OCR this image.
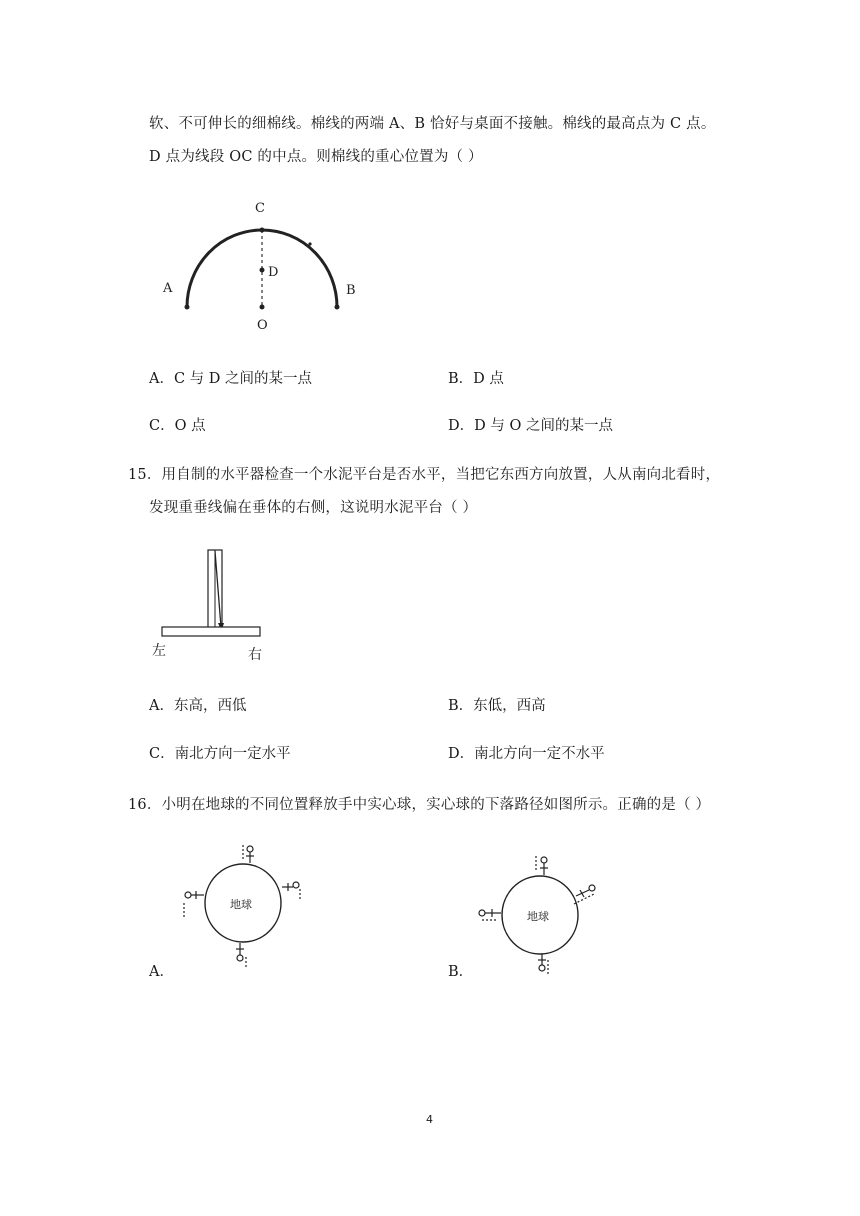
软、不可伸长的细棉线。棉线的两端 A、B 恰好与桌面不接触。棉线的最高点为 C 点。
D 点为线段 OC 的中点。则棉线的重心位置为（ ）
C
D
O
A	B
A．C 与 D 之间的某一点	B．D 点
C．O 点	D．D 与 O 之间的某一点
15．用自制的水平器检查一个水泥平台是否水平，当把它东西方向放置，人从南向北看时，
发现重垂线偏在垂体的右侧，这说明水泥平台（ ）
左	右
A．东高，西低	B．东低，西高
C．南北方向一定水平	D．南北方向一定不水平
16．小明在地球的不同位置释放手中实心球，实心球的下落路径如图所示。正确的是（ ）
地球
A．
地球
B．
4
